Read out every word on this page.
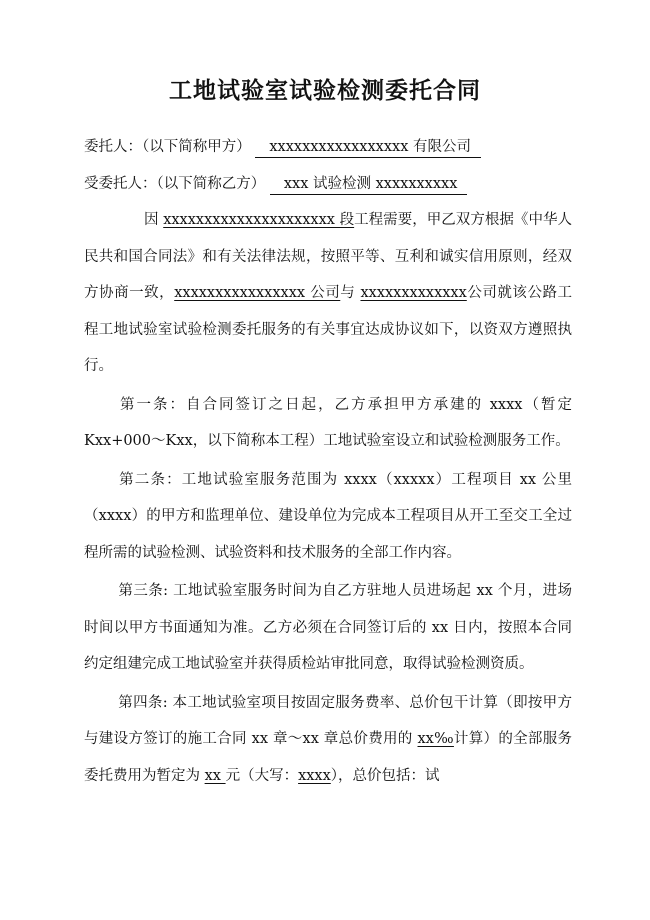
工地试验室试验检测委托合同
委托人：（以下简称甲方） xxxxxxxxxxxxxxxxx 有限公司
受委托人：（以下简称乙方） xxx 试验检测 xxxxxxxxxx

因 xxxxxxxxxxxxxxxxxxxxx 段工程需要，甲乙双方根据《中华人民共和国合同法》和有关法律法规，按照平等、互利和诚实信用原则，经双方协商一致，xxxxxxxxxxxxxxxx 公司与 xxxxxxxxxxxxx公司就该公路工程工地试验室试验检测委托服务的有关事宜达成协议如下，以资双方遵照执行。

第一条：自合同签订之日起，乙方承担甲方承建的 xxxx（暂定 Kxx+000～Kxx，以下简称本工程）工地试验室设立和试验检测服务工作。

第二条：工地试验室服务范围为 xxxx（xxxxx）工程项目 xx 公里（xxxx）的甲方和监理单位、建设单位为完成本工程项目从开工至交工全过程所需的试验检测、试验资料和技术服务的全部工作内容。

第三条: 工地试验室服务时间为自乙方驻地人员进场起 xx 个月，进场时间以甲方书面通知为准。乙方必须在合同签订后的 xx 日内，按照本合同约定组建完成工地试验室并获得质检站审批同意，取得试验检测资质。

第四条: 本工地试验室项目按固定服务费率、总价包干计算（即按甲方与建设方签订的施工合同 xx 章～xx 章总价费用的 xx‰计算）的全部服务委托费用为暂定为 xx 元（大写：xxxx），总价包括：试
